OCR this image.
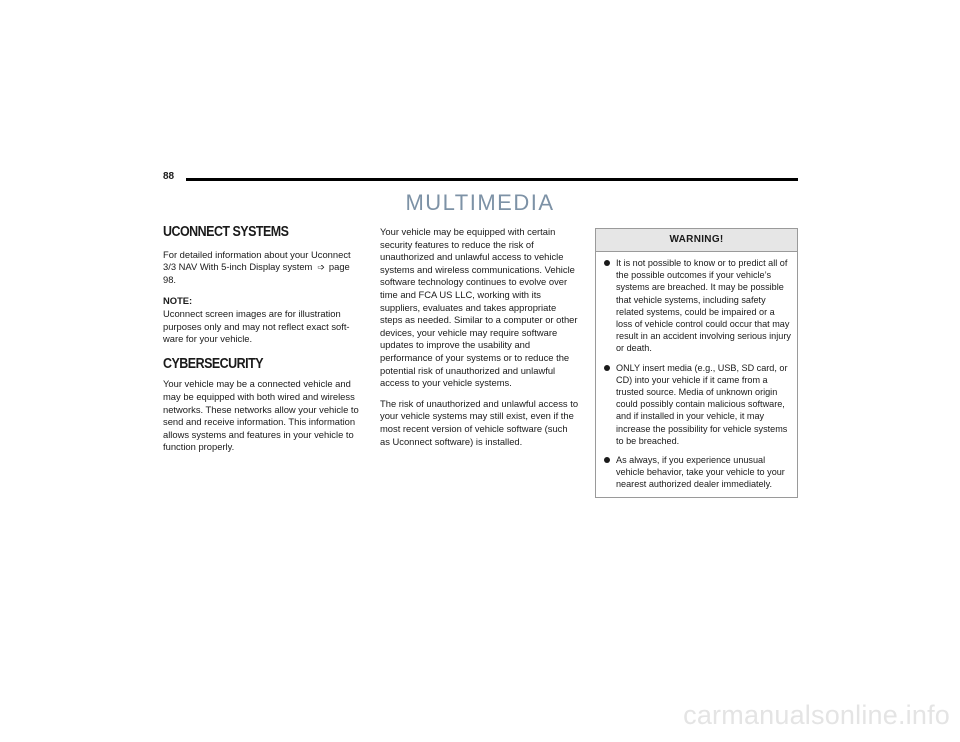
88
MULTIMEDIA
UCONNECT SYSTEMS

For detailed information about your Uconnect 3/3 NAV With 5-inch Display system ➩ page 98.

NOTE:

Uconnect screen images are for illustration purposes only and may not reflect exact soft-ware for your vehicle.

CYBERSECURITY

Your vehicle may be a connected vehicle and may be equipped with both wired and wireless networks. These networks allow your vehicle to send and receive information. This information allows systems and features in your vehicle to function properly.

Your vehicle may be equipped with certain security features to reduce the risk of unauthorized and unlawful access to vehicle systems and wireless communications. Vehicle software technology continues to evolve over time and FCA US LLC, working with its suppliers, evaluates and takes appropriate steps as needed. Similar to a computer or other devices, your vehicle may require software updates to improve the usability and performance of your systems or to reduce the potential risk of unauthorized and unlawful access to your vehicle systems.

The risk of unauthorized and unlawful access to your vehicle systems may still exist, even if the most recent version of vehicle software (such as Uconnect software) is installed.

WARNING!
It is not possible to know or to predict all of the possible outcomes if your vehicle’s systems are breached. It may be possible that vehicle systems, including safety related systems, could be impaired or a loss of vehicle control could occur that may result in an accident involving serious injury or death.
ONLY insert media (e.g., USB, SD card, or CD) into your vehicle if it came from a trusted source. Media of unknown origin could possibly contain malicious software, and if installed in your vehicle, it may increase the possibility for vehicle systems to be breached.
As always, if you experience unusual vehicle behavior, take your vehicle to your nearest authorized dealer immediately.
carmanualsonline.info
